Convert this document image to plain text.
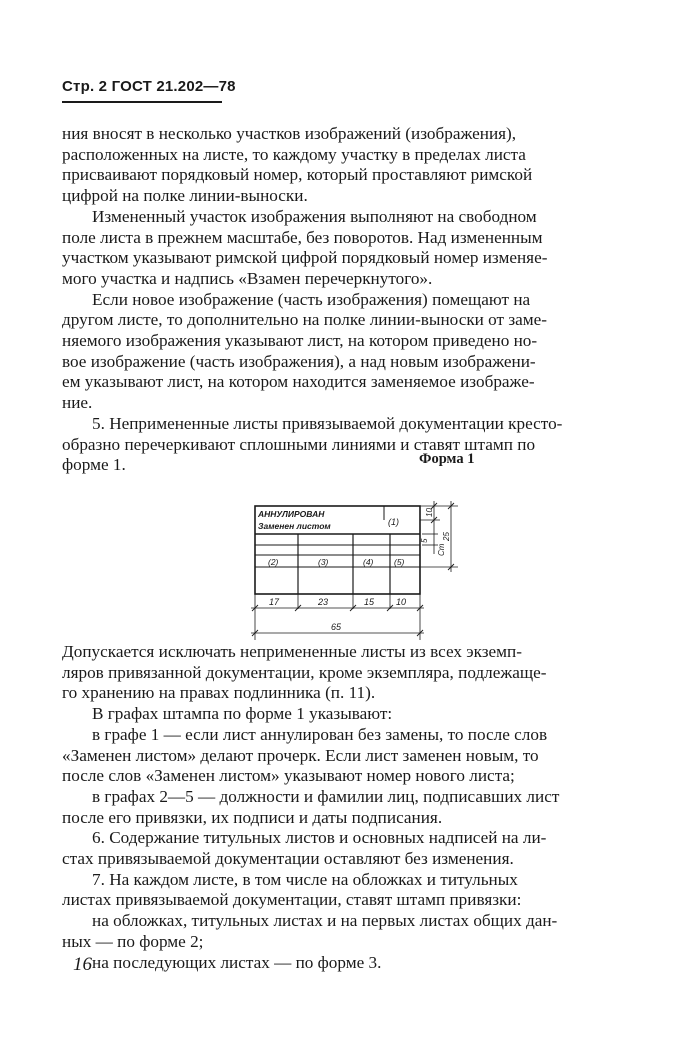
Стр. 2 ГОСТ 21.202—78

ния вносят в несколько участков изображений (изображения),
расположенных на листе, то каждому участку в пределах листа
присваивают порядковый номер, который проставляют римской
цифрой на полке линии-выноски.

Измененный участок изображения выполняют на свободном
поле листа в прежнем масштабе, без поворотов. Над измененным
участком указывают римской цифрой порядковый номер изменяе-
мого участка и надпись «Взамен перечеркнутого».

Если новое изображение (часть изображения) помещают на
другом листе, то дополнительно на полке линии-выноски от заме-
няемого изображения указывают лист, на котором приведено но-
вое изображение (часть изображения), а над новым изображени-
ем указывают лист, на котором находится заменяемое изображе-
ние.

5. Непримененные листы привязываемой документации кресто-
образно перечеркивают сплошными линиями и ставят штамп по
форме 1.	Форма 1
АННУЛИРОВАН
Заменен листом	(1)
(2)	(3)	(4) (5)
17	23	15 10
65
10
25
5
Ст

Допускается исключать непримененные листы из всех экземп-
ляров привязанной документации, кроме экземпляра, подлежаще-
го хранению на правах подлинника (п. 11).

В графах штампа по форме 1 указывают:

в графе 1 — если лист аннулирован без замены, то после слов
«Заменен листом» делают прочерк. Если лист заменен новым, то
после слов «Заменен листом» указывают номер нового листа;

в графах 2—5 — должности и фамилии лиц, подписавших лист
после его привязки, их подписи и даты подписания.

6. Содержание титульных листов и основных надписей на ли-
стах привязываемой документации оставляют без изменения.

7. На каждом листе, в том числе на обложках и титульных
листах привязываемой документации, ставят штамп привязки:

на обложках, титульных листах и на первых листах общих дан-
ных — по форме 2;

на последующих листах — по форме 3.

16
